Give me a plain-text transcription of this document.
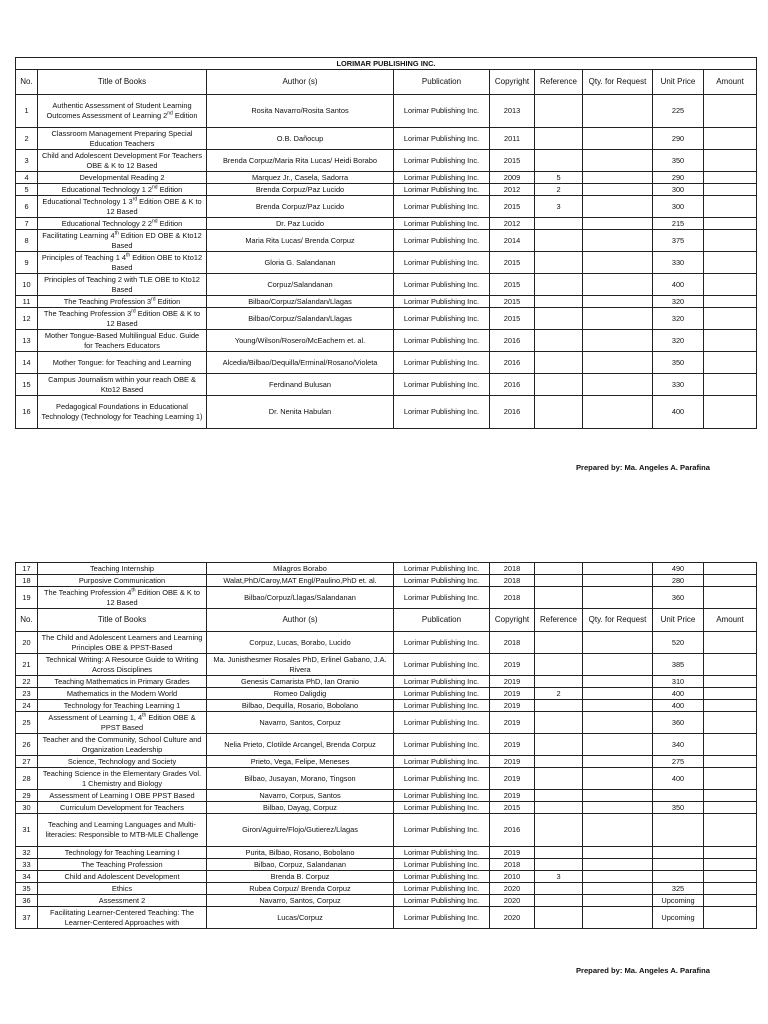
LORIMAR PUBLISHING INC.								
No.	Title of Books	Author (s)	Publication	Copyright	Reference	Qty. for Request	Unit Price	Amount
1	Authentic Assessment of Student Learning Outcomes Assessment of Learning 2nd Edition	Rosita Navarro/Rosita Santos	Lorimar Publishing Inc.	2013			225	
2	Classroom Management Preparing Special Education Teachers	O.B. Dañocup	Lorimar Publishing Inc.	2011			290	
3	Child and Adolescent Development For Teachers OBE & K to 12 Based	Brenda Corpuz/Maria Rita Lucas/ Heidi Borabo	Lorimar Publishing Inc.	2015			350	
4	Developmental Reading 2	Marquez Jr., Casela, Sadorra	Lorimar Publishing Inc.	2009	5		290	
5	Educational Technology 1 2nd Edition	Brenda Corpuz/Paz Lucido	Lorimar Publishing Inc.	2012	2		300	
6	Educational Technology 1 3rd Edition OBE & K to 12 Based	Brenda Corpuz/Paz Lucido	Lorimar Publishing Inc.	2015	3		300	
7	Educational Technology 2 2nd Edition	Dr. Paz Lucido	Lorimar Publishing Inc.	2012			215	
8	Facilitating Learning 4th Edition ED OBE & Kto12 Based	Maria Rita Lucas/ Brenda Corpuz	Lorimar Publishing Inc.	2014			375	
9	Principles of Teaching 1 4th Edition OBE to Kto12 Based	Gloria G. Salandanan	Lorimar Publishing Inc.	2015			330	
10	Principles of Teaching 2 with TLE OBE to Kto12 Based	Corpuz/Salandanan	Lorimar Publishing Inc.	2015			400	
11	The Teaching Profession 3rd Edition	Bilbao/Corpuz/Salandan/Llagas	Lorimar Publishing Inc.	2015			320	
12	The Teaching Profession 3rd Edition OBE & K to 12 Based	Bilbao/Corpuz/Salandan/Llagas	Lorimar Publishing Inc.	2015			320	
13	Mother Tongue-Based Multilingual Educ. Guide for Teachers Educators	Young/Wilson/Rosero/McEachern et. al.	Lorimar Publishing Inc.	2016			320	
14	Mother Tongue: for Teaching and Learning	Alcedia/Bilbao/Dequilla/Erminal/Rosano/Violeta	Lorimar Publishing Inc.	2016			350	
15	Campus Journalism within your reach OBE & Kto12 Based	Ferdinand Bulusan	Lorimar Publishing Inc.	2016			330	
16	Pedagogical Foundations in Educational Technology (Technology for Teaching Learning 1)	Dr. Nenita Habulan	Lorimar Publishing Inc.	2016			400	
Prepared by: Ma. Angeles A. Parafina
17	Teaching Internship	Milagros Borabo	Lorimar Publishing Inc.	2018			490	
18	Purposive Communication	Walat,PhD/Caroy,MAT Engl/Paulino,PhD et. al.	Lorimar Publishing Inc.	2018			280	
19	The Teaching Profession 4th Edition OBE & K to 12 Based	Bilbao/Corpuz/Llagas/Salandanan	Lorimar Publishing Inc.	2018			360	
No.	Title of Books	Author (s)	Publication	Copyright	Reference	Qty. for Request	Unit Price	Amount
20	The Child and Adolescent Learners and Learning Principles OBE & PPST-Based	Corpuz, Lucas, Borabo, Lucido	Lorimar Publishing Inc.	2018			520	
21	Technical Writing: A Resource Guide to Writing Across Disciplines	Ma. Junisthesmer Rosales PhD, Erlinel Gabano, J.A. Rivera	Lorimar Publishing Inc.	2019			385	
22	Teaching Mathematics in Primary Grades	Genesis Camarista PhD, Ian Oranio	Lorimar Publishing Inc.	2019			310	
23	Mathematics in the Modern World	Romeo Daligdig	Lorimar Publishing Inc.	2019	2		400	
24	Technology for Teaching Learning 1	Bilbao, Dequilla, Rosario, Bobolano	Lorimar Publishing Inc.	2019			400	
25	Assessment of Learning 1, 4th Edition OBE & PPST Based	Navarro, Santos, Corpuz	Lorimar Publishing Inc.	2019			360	
26	Teacher and the Community, School Culture and Organization Leadership	Nelia Prieto, Clotilde Arcangel, Brenda Corpuz	Lorimar Publishing Inc.	2019			340	
27	Science, Technology and Society	Prieto, Vega, Felipe, Meneses	Lorimar Publishing Inc.	2019			275	
28	Teaching Science in the Elementary Grades Vol. 1 Chemistry and Biology	Bilbao, Jusayan, Morano, Tingson	Lorimar Publishing Inc.	2019			400	
29	Assessment of Learning I OBE PPST Based	Navarro, Corpus, Santos	Lorimar Publishing Inc.	2019				
30	Curriculum Development for Teachers	Bilbao, Dayag, Corpuz	Lorimar Publishing Inc.	2015			350	
31	Teaching and Learning Languages and Multi-literacies: Responsible to MTB-MLE Challenge	Giron/Aguirre/Flojo/Gutierez/Llagas	Lorimar Publishing Inc.	2016				
32	Technology for Teaching Learning I	Purita, Bilbao, Rosano, Bobolano	Lorimar Publishing Inc.	2019				
33	The Teaching Profession	Bilbao, Corpuz, Salandanan	Lorimar Publishing Inc.	2018				
34	Child and Adolescent Development	Brenda B. Corpuz	Lorimar Publishing Inc.	2010	3			
35	Ethics	Rubea Corpuz/ Brenda Corpuz	Lorimar Publishing Inc.	2020			325	
36	Assessment 2	Navarro, Santos, Corpuz	Lorimar Publishing Inc.	2020			Upcoming	
37	Facilitating Learner-Centered Teaching: The Learner-Centered Approaches with	Lucas/Corpuz	Lorimar Publishing Inc.	2020			Upcoming	
Prepared by: Ma. Angeles A. Parafina
